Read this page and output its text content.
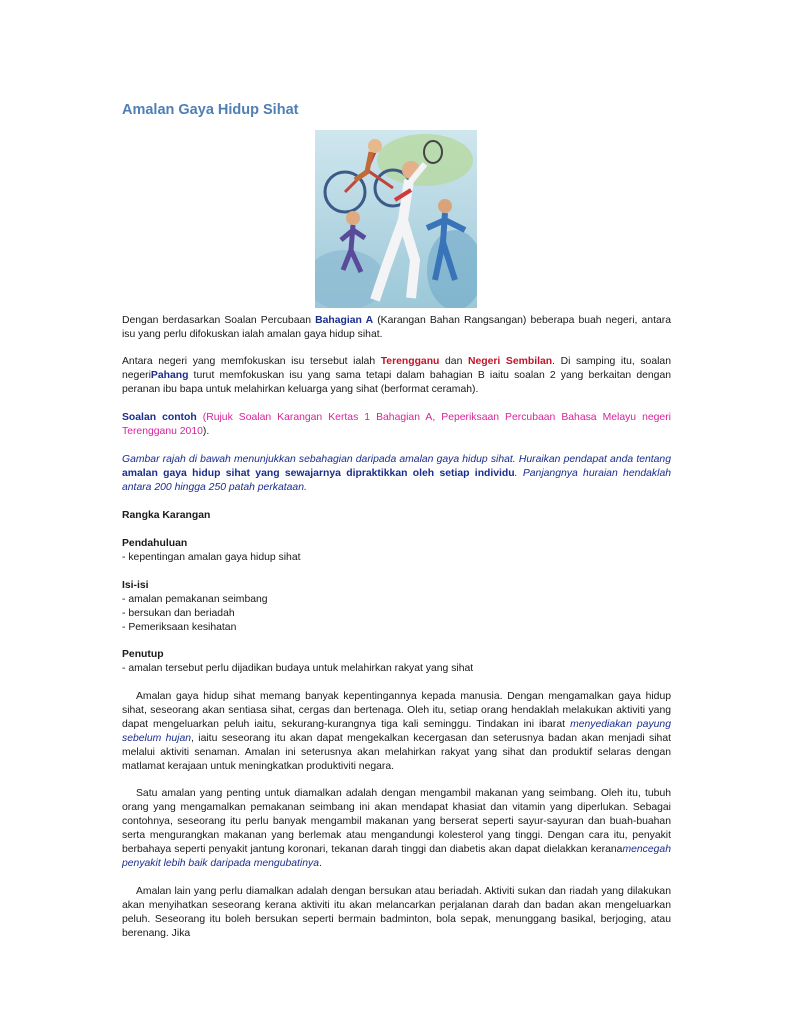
Amalan Gaya Hidup Sihat

Dengan berdasarkan Soalan Percubaan Bahagian A (Karangan Bahan Rangsangan) beberapa buah negeri, antara isu yang perlu difokuskan ialah amalan gaya hidup sihat.

Antara negeri yang memfokuskan isu tersebut ialah Terengganu dan Negeri Sembilan. Di samping itu, soalan negeriPahang turut memfokuskan isu yang sama tetapi dalam bahagian B iaitu soalan 2 yang berkaitan dengan peranan ibu bapa untuk melahirkan keluarga yang sihat (berformat ceramah).

Soalan contoh (Rujuk Soalan Karangan Kertas 1 Bahagian A, Peperiksaan Percubaan Bahasa Melayu negeri Terengganu 2010).

Gambar rajah di bawah menunjukkan sebahagian daripada amalan gaya hidup sihat. Huraikan pendapat anda tentang amalan gaya hidup sihat yang sewajarnya dipraktikkan oleh setiap individu. Panjangnya huraian hendaklah antara 200 hingga 250 patah perkataan.

Rangka Karangan

Pendahuluan
- kepentingan amalan gaya hidup sihat
Isi-isi
- amalan pemakanan seimbang
- bersukan dan beriadah
- Pemeriksaan kesihatan
Penutup
- amalan tersebut perlu dijadikan budaya untuk melahirkan rakyat yang sihat

Amalan gaya hidup sihat memang banyak kepentingannya kepada manusia. Dengan mengamalkan gaya hidup sihat, seseorang akan sentiasa sihat, cergas dan bertenaga. Oleh itu, setiap orang hendaklah melakukan aktiviti yang dapat mengeluarkan peluh iaitu, sekurang-kurangnya tiga kali seminggu. Tindakan ini ibarat menyediakan payung sebelum hujan, iaitu seseorang itu akan dapat mengekalkan kecergasan dan seterusnya badan akan menjadi sihat melalui aktiviti senaman. Amalan ini seterusnya akan melahirkan rakyat yang sihat dan produktif selaras dengan matlamat kerajaan untuk meningkatkan produktiviti negara.

Satu amalan yang penting untuk diamalkan adalah dengan mengambil makanan yang seimbang. Oleh itu, tubuh orang yang mengamalkan pemakanan seimbang ini akan mendapat khasiat dan vitamin yang diperlukan. Sebagai contohnya, seseorang itu perlu banyak mengambil makanan yang berserat seperti sayur-sayuran dan buah-buahan serta mengurangkan makanan yang berlemak atau mengandungi kolesterol yang tinggi. Dengan cara itu, penyakit berbahaya seperti penyakit jantung koronari, tekanan darah tinggi dan diabetis akan dapat dielakkan keranamencegah penyakit lebih baik daripada mengubatinya.

Amalan lain yang perlu diamalkan adalah dengan bersukan atau beriadah. Aktiviti sukan dan riadah yang dilakukan akan menyihatkan seseorang kerana aktiviti itu akan melancarkan perjalanan darah dan badan akan mengeluarkan peluh. Seseorang itu boleh bersukan seperti bermain badminton, bola sepak, menunggang basikal, berjoging, atau berenang. Jika
